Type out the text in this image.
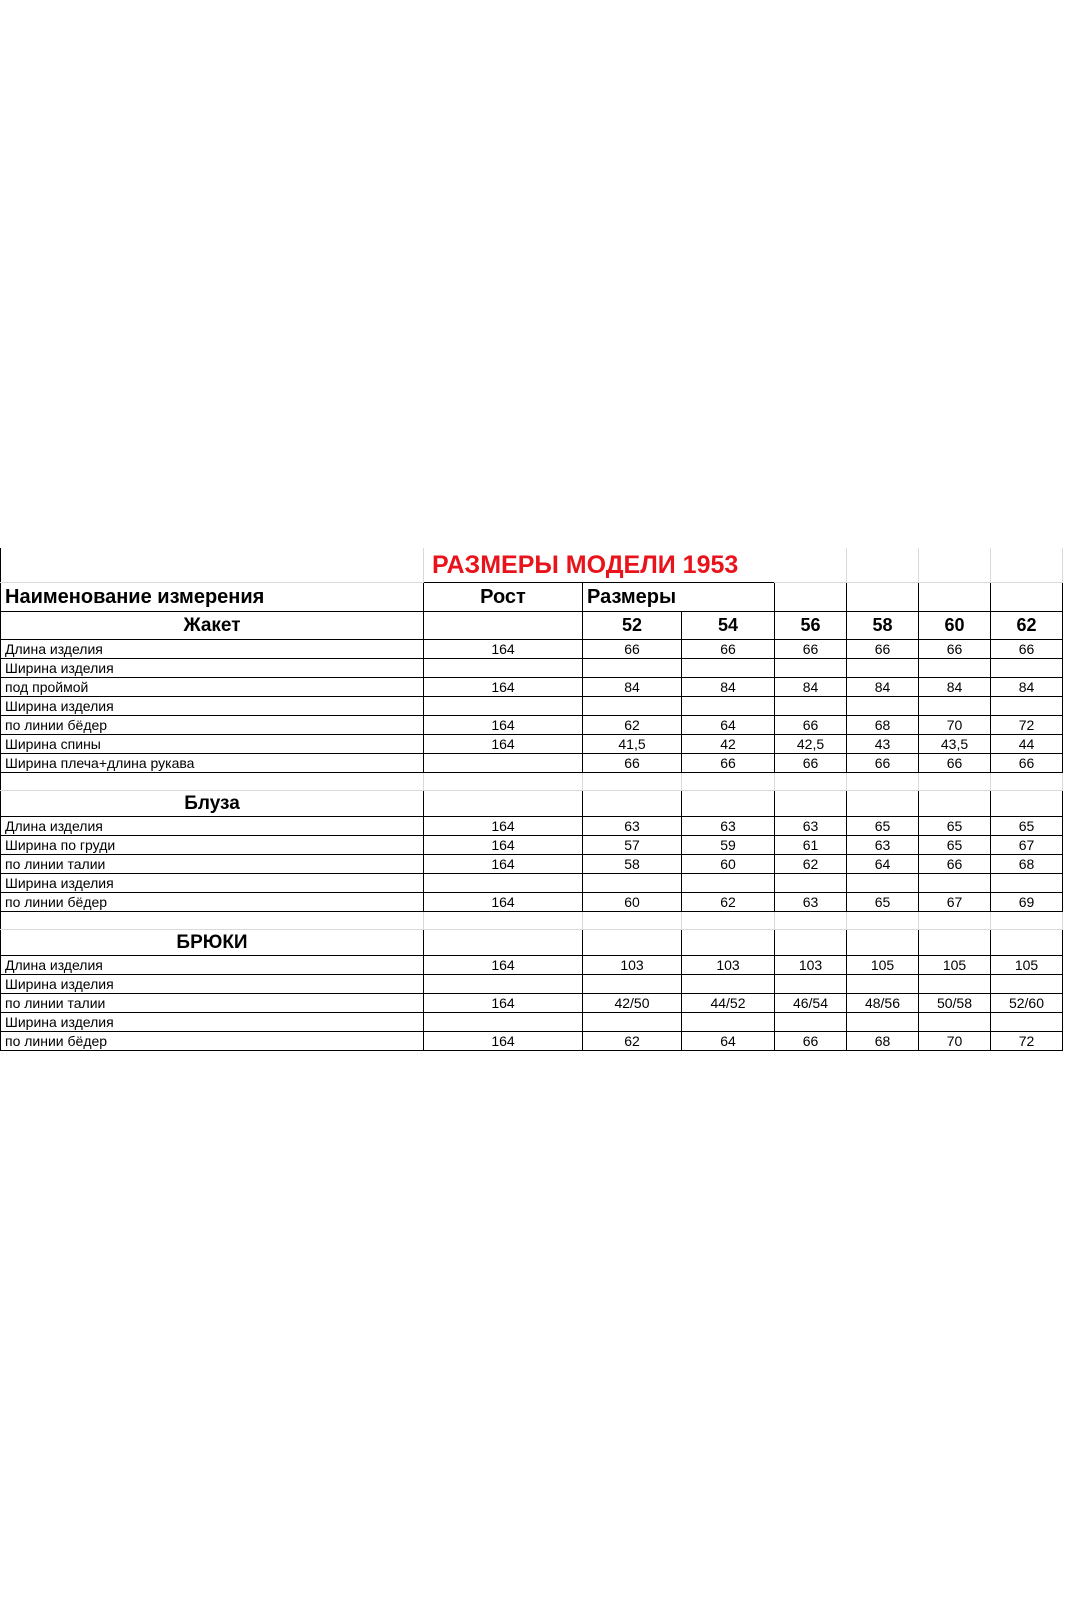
	РАЗМЕРЫ МОДЕЛИ 1953						
Наименование измерения	Рост	Размеры					
Жакет		52	54	56	58	60	62
Длина изделия	164	66	66	66	66	66	66
Ширина изделия							
под проймой	164	84	84	84	84	84	84
Ширина изделия							
по линии бёдер	164	62	64	66	68	70	72
Ширина спины	164	41,5	42	42,5	43	43,5	44
Ширина плеча+длина рукава		66	66	66	66	66	66

Блуза							
Длина изделия	164	63	63	63	65	65	65
Ширина по груди	164	57	59	61	63	65	67
по линии талии	164	58	60	62	64	66	68
Ширина изделия							
по линии бёдер	164	60	62	63	65	67	69

БРЮКИ							
Длина изделия	164	103	103	103	105	105	105
Ширина изделия							
по линии талии	164	42/50	44/52	46/54	48/56	50/58	52/60
Ширина изделия							
по линии бёдер	164	62	64	66	68	70	72
